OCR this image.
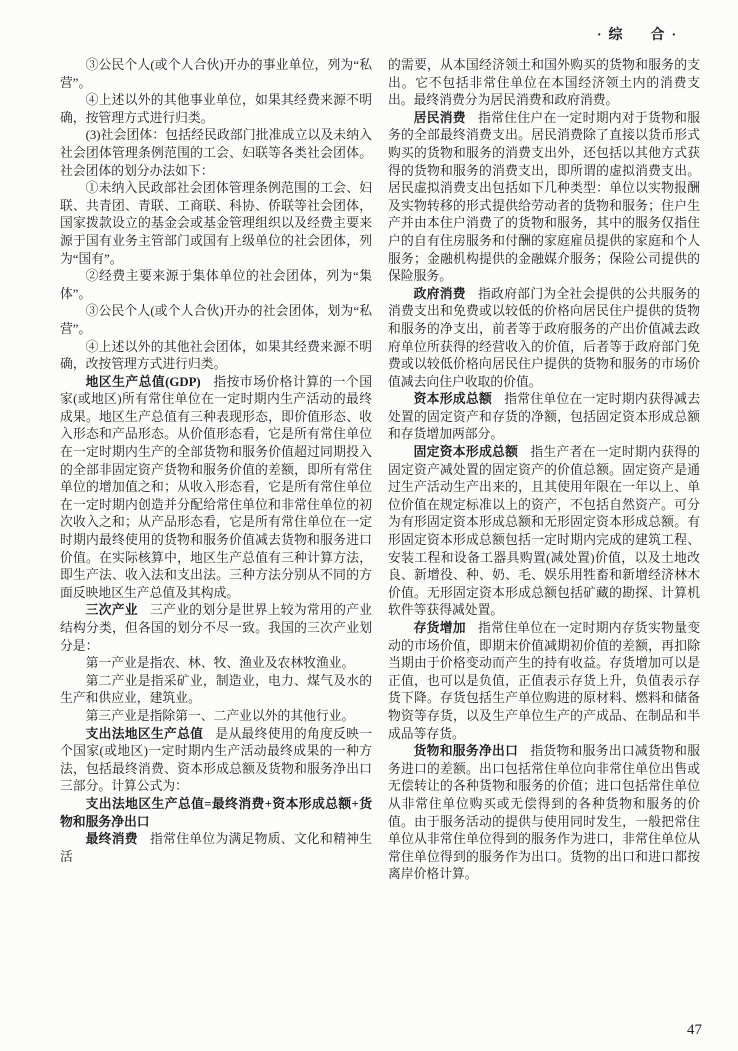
·综　合·

③公民个人(或个人合伙)开办的事业单位，列为“私营”。

④上述以外的其他事业单位，如果其经费来源不明确，按管理方式进行归类。

(3)社会团体：包括经民政部门批准成立以及未纳入社会团体管理条例范围的工会、妇联等各类社会团体。社会团体的划分办法如下：

①未纳入民政部社会团体管理条例范围的工会、妇联、共青团、青联、工商联、科协、侨联等社会团体，国家拨款设立的基金会或基金管理组织以及经费主要来源于国有业务主管部门或国有上级单位的社会团体，列为“国有”。

②经费主要来源于集体单位的社会团体，列为“集体”。

③公民个人(或个人合伙)开办的社会团体，划为“私营”。

④上述以外的其他社会团体，如果其经费来源不明确，改按管理方式进行归类。

地区生产总值(GDP) 指按市场价格计算的一个国家(或地区)所有常住单位在一定时期内生产活动的最终成果。地区生产总值有三种表现形态，即价值形态、收入形态和产品形态。从价值形态看，它是所有常住单位在一定时期内生产的全部货物和服务价值超过同期投入的全部非固定资产货物和服务价值的差额，即所有常住单位的增加值之和；从收入形态看，它是所有常住单位在一定时期内创造并分配给常住单位和非常住单位的初次收入之和；从产品形态看，它是所有常住单位在一定时期内最终使用的货物和服务价值减去货物和服务进口价值。在实际核算中，地区生产总值有三种计算方法，即生产法、收入法和支出法。三种方法分别从不同的方面反映地区生产总值及其构成。

三次产业 三产业的划分是世界上较为常用的产业结构分类，但各国的划分不尽一致。我国的三次产业划分是：

第一产业是指农、林、牧、渔业及农林牧渔业。

第二产业是指采矿业，制造业，电力、煤气及水的生产和供应业，建筑业。

第三产业是指除第一、二产业以外的其他行业。

支出法地区生产总值 是从最终使用的角度反映一个国家(或地区)一定时期内生产活动最终成果的一种方法，包括最终消费、资本形成总额及货物和服务净出口三部分。计算公式为：

支出法地区生产总值=最终消费+资本形成总额+货物和服务净出口

最终消费 指常住单位为满足物质、文化和精神生活

的需要，从本国经济领土和国外购买的货物和服务的支出。它不包括非常住单位在本国经济领土内的消费支出。最终消费分为居民消费和政府消费。

居民消费 指常住住户在一定时期内对于货物和服务的全部最终消费支出。居民消费除了直接以货币形式购买的货物和服务的消费支出外，还包括以其他方式获得的货物和服务的消费支出，即所谓的虚拟消费支出。居民虚拟消费支出包括如下几种类型：单位以实物报酬及实物转移的形式提供给劳动者的货物和服务；住户生产并由本住户消费了的货物和服务，其中的服务仅指住户的自有住房服务和付酬的家庭雇员提供的家庭和个人服务；金融机构提供的金融媒介服务；保险公司提供的保险服务。

政府消费 指政府部门为全社会提供的公共服务的消费支出和免费或以较低的价格向居民住户提供的货物和服务的净支出，前者等于政府服务的产出价值减去政府单位所获得的经营收入的价值，后者等于政府部门免费或以较低价格向居民住户提供的货物和服务的市场价值减去向住户收取的价值。

资本形成总额 指常住单位在一定时期内获得减去处置的固定资产和存货的净额，包括固定资本形成总额和存货增加两部分。

固定资本形成总额 指生产者在一定时期内获得的固定资产减处置的固定资产的价值总额。固定资产是通过生产活动生产出来的，且其使用年限在一年以上、单位价值在规定标准以上的资产，不包括自然资产。可分为有形固定资本形成总额和无形固定资本形成总额。有形固定资本形成总额包括一定时期内完成的建筑工程、安装工程和设备工器具购置(减处置)价值，以及土地改良、新增役、种、奶、毛、娱乐用牲畜和新增经济林木价值。无形固定资本形成总额包括矿藏的勘探、计算机软件等获得减处置。

存货增加 指常住单位在一定时期内存货实物量变动的市场价值，即期末价值减期初价值的差额，再扣除当期由于价格变动而产生的持有收益。存货增加可以是正值，也可以是负值，正值表示存货上升，负值表示存货下降。存货包括生产单位购进的原材料、燃料和储备物资等存货，以及生产单位生产的产成品、在制品和半成品等存货。

货物和服务净出口 指货物和服务出口减货物和服务进口的差额。出口包括常住单位向非常住单位出售或无偿转让的各种货物和服务的价值；进口包括常住单位从非常住单位购买或无偿得到的各种货物和服务的价值。由于服务活动的提供与使用同时发生，一般把常住单位从非常住单位得到的服务作为进口，非常住单位从常住单位得到的服务作为出口。货物的出口和进口都按离岸价格计算。

47
